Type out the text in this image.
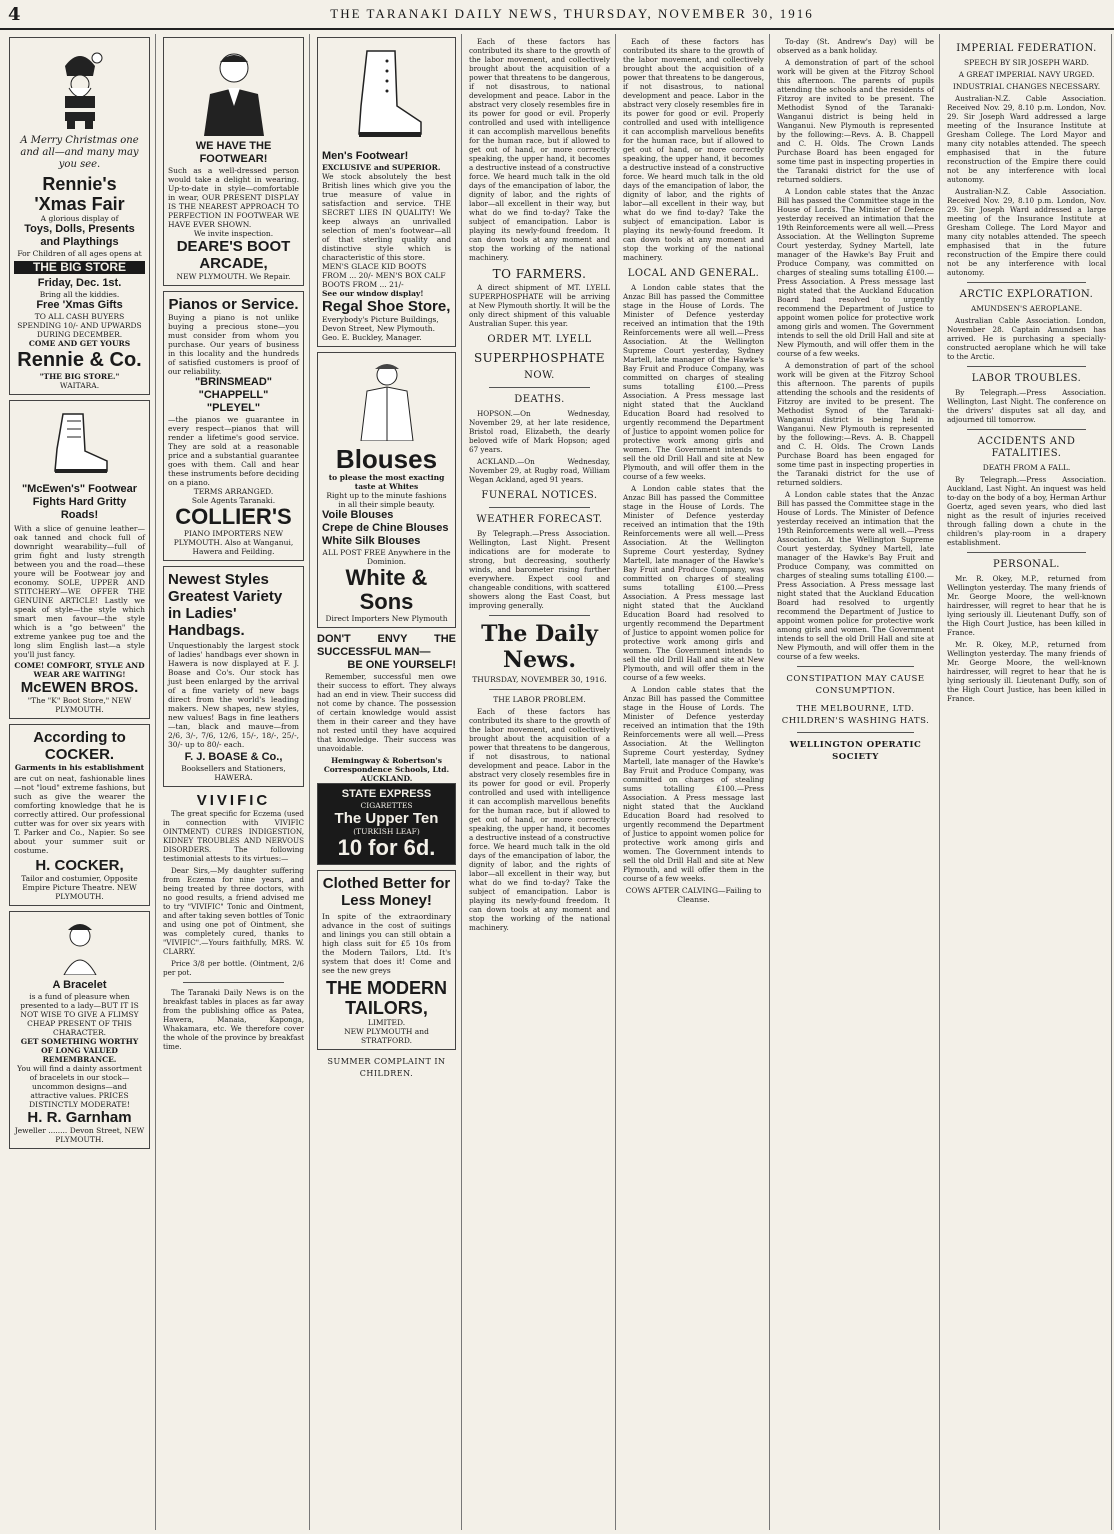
4	THE TARANAKI DAILY NEWS, THURSDAY, NOVEMBER 30, 1916
A Merry Christmas one and all—and many may you see.
Rennie's 'Xmas Fair
A glorious display of
Toys, Dolls, Presents and Playthings
For Children of all ages opens at
THE BIG STORE
Friday, Dec. 1st.
Bring all the kiddies.
Free 'Xmas Gifts
TO ALL CASH BUYERS SPENDING 10/- AND UPWARDS DURING DECEMBER.
COME AND GET YOURS
Rennie & Co.
"THE BIG STORE."
WAITARA.
"McEwen's" Footwear Fights Hard Gritty Roads!
With a slice of genuine leather—oak tanned and chock full of downright wearability—full of grim fight and lusty strength between you and the road—these youre will be Footwear joy and economy. SOLE, UPPER AND STITCHERY—WE OFFER THE GENUINE ARTICLE! Lastly we speak of style—the style which smart men favour—the style which is a "go between" the extreme yankee pug toe and the long slim English last—a style you'll just fancy.
COME! COMFORT, STYLE AND WEAR ARE WAITING!
McEWEN BROS.
"The "K" Boot Store," NEW PLYMOUTH.
According to COCKER.
Garments in his establishment
are cut on neat, fashionable lines—not "loud" extreme fashions, but such as give the wearer the comforting knowledge that he is correctly attired. Our professional cutter was for over six years with T. Parker and Co., Napier. So see about your summer suit or costume.
H. COCKER,
Tailor and costumier, Opposite Empire Picture Theatre. NEW PLYMOUTH.
A Bracelet
is a fund of pleasure when presented to a lady—BUT IT IS NOT WISE TO GIVE A FLIMSY CHEAP PRESENT OF THIS CHARACTER.
GET SOMETHING WORTHY OF LONG VALUED REMEMBRANCE.
You will find a dainty assortment of bracelets in our stock—uncommon designs—and attractive values. PRICES DISTINCTLY MODERATE!
H. R. Garnham
Jeweller ........ Devon Street, NEW PLYMOUTH.
WE HAVE THE FOOTWEAR!
Such as a well-dressed person would take a delight in wearing. Up-to-date in style—comfortable in wear, OUR PRESENT DISPLAY IS THE NEAREST APPROACH TO PERFECTION IN FOOTWEAR WE HAVE EVER SHOWN.
We invite inspection.
DEARE'S BOOT ARCADE,
NEW PLYMOUTH. We Repair.
Pianos or Service.
Buying a piano is not unlike buying a precious stone—you must consider from whom you purchase. Our years of business in this locality and the hundreds of satisfied customers is proof of our reliability.
"BRINSMEAD"
"CHAPPELL"
"PLEYEL"
—the pianos we guarantee in every respect—pianos that will render a lifetime's good service. They are sold at a reasonable price and a substantial guarantee goes with them. Call and hear these instruments before deciding on a piano.
TERMS ARRANGED.
Sole Agents Taranaki.
COLLIER'S
PIANO IMPORTERS NEW PLYMOUTH. Also at Wanganui, Hawera and Feilding.
Newest Styles Greatest Variety in Ladies' Handbags.
Unquestionably the largest stock of ladies' handbags ever shown in Hawera is now displayed at F. J. Boase and Co's. Our stock has just been enlarged by the arrival of a fine variety of new bags direct from the world's leading makers. New shapes, new styles, new values! Bags in fine leathers—tan, black and mauve—from 2/6, 3/-, 7/6, 12/6, 15/-, 18/-, 25/-, 30/- up to 80/- each.
F. J. BOASE & Co.,
Booksellers and Stationers, HAWERA.
VIVIFIC

The great specific for Eczema (used in connection with VIVIFIC OINTMENT) CURES INDIGESTION, KIDNEY TROUBLES AND NERVOUS DISORDERS. The following testimonial attests to its virtues:—

Dear Sirs,—My daughter suffering from Eczema for nine years, and being treated by three doctors, with no good results, a friend advised me to try "VIVIFIC" Tonic and Ointment, and after taking seven bottles of Tonic and using one pot of Ointment, she was completely cured, thanks to "VIVIFIC".—Yours faithfully, MRS. W. CLARRY.

Price 3/8 per bottle. (Ointment, 2/6 per pot.

The Taranaki Daily News is on the breakfast tables in places as far away from the publishing office as Patea, Hawera, Manaia, Kaponga, Whakamara, etc. We therefore cover the whole of the province by breakfast time.

Men's Footwear!
EXCLUSIVE and SUPERIOR.
We stock absolutely the best British lines which give you the true measure of value in satisfaction and service. THE SECRET LIES IN QUALITY! We keep always an unrivalled selection of men's footwear—all of that sterling quality and distinctive style which is characteristic of this store.
MEN'S GLACE KID BOOTS FROM ... 20/- MEN'S BOX CALF BOOTS FROM ... 21/-
See our window display!
Regal Shoe Store,
Everybody's Picture Buildings, Devon Street, New Plymouth. Geo. E. Buckley, Manager.
Blouses
to please the most exacting taste at Whites
Right up to the minute fashions in all their simple beauty.
Voile Blouses
Crepe de Chine Blouses
White Silk Blouses
ALL POST FREE Anywhere in the Dominion.
White & Sons
Direct Importers New Plymouth
DON'T ENVY THE SUCCESSFUL MAN—
BE ONE YOURSELF!

Remember, successful men owe their success to effort. They always had an end in view. Their success did not come by chance. The possession of certain knowledge would assist them in their career and they have not rested until they have acquired that knowledge. Their success was unavoidable.

Hemingway & Robertson's Correspondence Schools, Ltd. AUCKLAND.
STATE EXPRESS
CIGARETTES
The Upper Ten
(TURKISH LEAF)
10 for 6d.
Clothed Better for Less Money!
In spite of the extraordinary advance in the cost of suitings and linings you can still obtain a high class suit for £5 10s from the Modern Tailors, Ltd. It's system that does it! Come and see the new greys
THE MODERN TAILORS,
LIMITED.
NEW PLYMOUTH and STRATFORD.
SUMMER COMPLAINT IN CHILDREN.

Each of these factors has contributed its share to the growth of the labor movement, and collectively brought about the acquisition of a power that threatens to be dangerous, if not disastrous, to national development and peace. Labor in the abstract very closely resembles fire in its power for good or evil. Properly controlled and used with intelligence it can accomplish marvellous benefits for the human race, but if allowed to get out of hand, or more correctly speaking, the upper hand, it becomes a destructive instead of a constructive force. We heard much talk in the old days of the emancipation of labor, the dignity of labor, and the rights of labor—all excellent in their way, but what do we find to-day? Take the subject of emancipation. Labor is playing its newly-found freedom. It can down tools at any moment and stop the working of the national machinery.

TO FARMERS.

A direct shipment of MT. LYELL SUPERPHOSPHATE will be arriving at New Plymouth shortly. It will be the only direct shipment of this valuable Australian Super. this year.

ORDER MT. LYELL
SUPERPHOSPHATE
NOW.
DEATHS.

HOPSON.—On Wednesday, November 29, at her late residence, Bristol road, Elizabeth, the dearly beloved wife of Mark Hopson; aged 67 years.

ACKLAND.—On Wednesday, November 29, at Rugby road, William Wegan Ackland, aged 91 years.

FUNERAL NOTICES.
WEATHER FORECAST.

By Telegraph.—Press Association. Wellington, Last Night. Present indications are for moderate to strong, but decreasing, southerly winds, and barometer rising further everywhere. Expect cool and changeable conditions, with scattered showers along the East Coast, but improving generally.

The Daily News.
THURSDAY, NOVEMBER 30, 1916.
THE LABOR PROBLEM.

Each of these factors has contributed its share to the growth of the labor movement, and collectively brought about the acquisition of a power that threatens to be dangerous, if not disastrous, to national development and peace. Labor in the abstract very closely resembles fire in its power for good or evil. Properly controlled and used with intelligence it can accomplish marvellous benefits for the human race, but if allowed to get out of hand, or more correctly speaking, the upper hand, it becomes a destructive instead of a constructive force. We heard much talk in the old days of the emancipation of labor, the dignity of labor, and the rights of labor—all excellent in their way, but what do we find to-day? Take the subject of emancipation. Labor is playing its newly-found freedom. It can down tools at any moment and stop the working of the national machinery.

Each of these factors has contributed its share to the growth of the labor movement, and collectively brought about the acquisition of a power that threatens to be dangerous, if not disastrous, to national development and peace. Labor in the abstract very closely resembles fire in its power for good or evil. Properly controlled and used with intelligence it can accomplish marvellous benefits for the human race, but if allowed to get out of hand, or more correctly speaking, the upper hand, it becomes a destructive instead of a constructive force. We heard much talk in the old days of the emancipation of labor, the dignity of labor, and the rights of labor—all excellent in their way, but what do we find to-day? Take the subject of emancipation. Labor is playing its newly-found freedom. It can down tools at any moment and stop the working of the national machinery.

LOCAL AND GENERAL.

A London cable states that the Anzac Bill has passed the Committee stage in the House of Lords. The Minister of Defence yesterday received an intimation that the 19th Reinforcements were all well.—Press Association. At the Wellington Supreme Court yesterday, Sydney Martell, late manager of the Hawke's Bay Fruit and Produce Company, was committed on charges of stealing sums totalling £100.—Press Association. A Press message last night stated that the Auckland Education Board had resolved to urgently recommend the Department of Justice to appoint women police for protective work among girls and women. The Government intends to sell the old Drill Hall and site at New Plymouth, and will offer them in the course of a few weeks.

A London cable states that the Anzac Bill has passed the Committee stage in the House of Lords. The Minister of Defence yesterday received an intimation that the 19th Reinforcements were all well.—Press Association. At the Wellington Supreme Court yesterday, Sydney Martell, late manager of the Hawke's Bay Fruit and Produce Company, was committed on charges of stealing sums totalling £100.—Press Association. A Press message last night stated that the Auckland Education Board had resolved to urgently recommend the Department of Justice to appoint women police for protective work among girls and women. The Government intends to sell the old Drill Hall and site at New Plymouth, and will offer them in the course of a few weeks.

A London cable states that the Anzac Bill has passed the Committee stage in the House of Lords. The Minister of Defence yesterday received an intimation that the 19th Reinforcements were all well.—Press Association. At the Wellington Supreme Court yesterday, Sydney Martell, late manager of the Hawke's Bay Fruit and Produce Company, was committed on charges of stealing sums totalling £100.—Press Association. A Press message last night stated that the Auckland Education Board had resolved to urgently recommend the Department of Justice to appoint women police for protective work among girls and women. The Government intends to sell the old Drill Hall and site at New Plymouth, and will offer them in the course of a few weeks.

COWS AFTER CALVING—Failing to Cleanse.

To-day (St. Andrew's Day) will be observed as a bank holiday.

A demonstration of part of the school work will be given at the Fitzroy School this afternoon. The parents of pupils attending the schools and the residents of Fitzroy are invited to be present. The Methodist Synod of the Taranaki-Wanganui district is being held in Wanganui. New Plymouth is represented by the following:—Revs. A. B. Chappell and C. H. Olds. The Crown Lands Purchase Board has been engaged for some time past in inspecting properties in the Taranaki district for the use of returned soldiers.

A London cable states that the Anzac Bill has passed the Committee stage in the House of Lords. The Minister of Defence yesterday received an intimation that the 19th Reinforcements were all well.—Press Association. At the Wellington Supreme Court yesterday, Sydney Martell, late manager of the Hawke's Bay Fruit and Produce Company, was committed on charges of stealing sums totalling £100.—Press Association. A Press message last night stated that the Auckland Education Board had resolved to urgently recommend the Department of Justice to appoint women police for protective work among girls and women. The Government intends to sell the old Drill Hall and site at New Plymouth, and will offer them in the course of a few weeks.

A demonstration of part of the school work will be given at the Fitzroy School this afternoon. The parents of pupils attending the schools and the residents of Fitzroy are invited to be present. The Methodist Synod of the Taranaki-Wanganui district is being held in Wanganui. New Plymouth is represented by the following:—Revs. A. B. Chappell and C. H. Olds. The Crown Lands Purchase Board has been engaged for some time past in inspecting properties in the Taranaki district for the use of returned soldiers.

A London cable states that the Anzac Bill has passed the Committee stage in the House of Lords. The Minister of Defence yesterday received an intimation that the 19th Reinforcements were all well.—Press Association. At the Wellington Supreme Court yesterday, Sydney Martell, late manager of the Hawke's Bay Fruit and Produce Company, was committed on charges of stealing sums totalling £100.—Press Association. A Press message last night stated that the Auckland Education Board had resolved to urgently recommend the Department of Justice to appoint women police for protective work among girls and women. The Government intends to sell the old Drill Hall and site at New Plymouth, and will offer them in the course of a few weeks.

CONSTIPATION MAY CAUSE CONSUMPTION.
THE MELBOURNE, LTD. CHILDREN'S WASHING HATS.
WELLINGTON OPERATIC SOCIETY
IMPERIAL FEDERATION.
SPEECH BY SIR JOSEPH WARD.
A GREAT IMPERIAL NAVY URGED.
INDUSTRIAL CHANGES NECESSARY.

Australian-N.Z. Cable Association. Received Nov. 29, 8.10 p.m. London, Nov. 29. Sir Joseph Ward addressed a large meeting of the Insurance Institute at Gresham College. The Lord Mayor and many city notables attended. The speech emphasised that in the future reconstruction of the Empire there could not be any interference with local autonomy.

Australian-N.Z. Cable Association. Received Nov. 29, 8.10 p.m. London, Nov. 29. Sir Joseph Ward addressed a large meeting of the Insurance Institute at Gresham College. The Lord Mayor and many city notables attended. The speech emphasised that in the future reconstruction of the Empire there could not be any interference with local autonomy.

ARCTIC EXPLORATION.
AMUNDSEN'S AEROPLANE.

Australian Cable Association. London, November 28. Captain Amundsen has arrived. He is purchasing a specially-constructed aeroplane which he will take to the Arctic.

LABOR TROUBLES.

By Telegraph.—Press Association. Wellington, Last Night. The conference on the drivers' disputes sat all day, and adjourned till tomorrow.

ACCIDENTS AND FATALITIES.
DEATH FROM A FALL.

By Telegraph.—Press Association. Auckland, Last Night. An inquest was held to-day on the body of a boy, Herman Arthur Goertz, aged seven years, who died last night as the result of injuries received through falling down a chute in the children's play-room in a drapery establishment.

PERSONAL.

Mr. R. Okey, M.P., returned from Wellington yesterday. The many friends of Mr. George Moore, the well-known hairdresser, will regret to hear that he is lying seriously ill. Lieutenant Duffy, son of the High Court Justice, has been killed in France.

Mr. R. Okey, M.P., returned from Wellington yesterday. The many friends of Mr. George Moore, the well-known hairdresser, will regret to hear that he is lying seriously ill. Lieutenant Duffy, son of the High Court Justice, has been killed in France.
